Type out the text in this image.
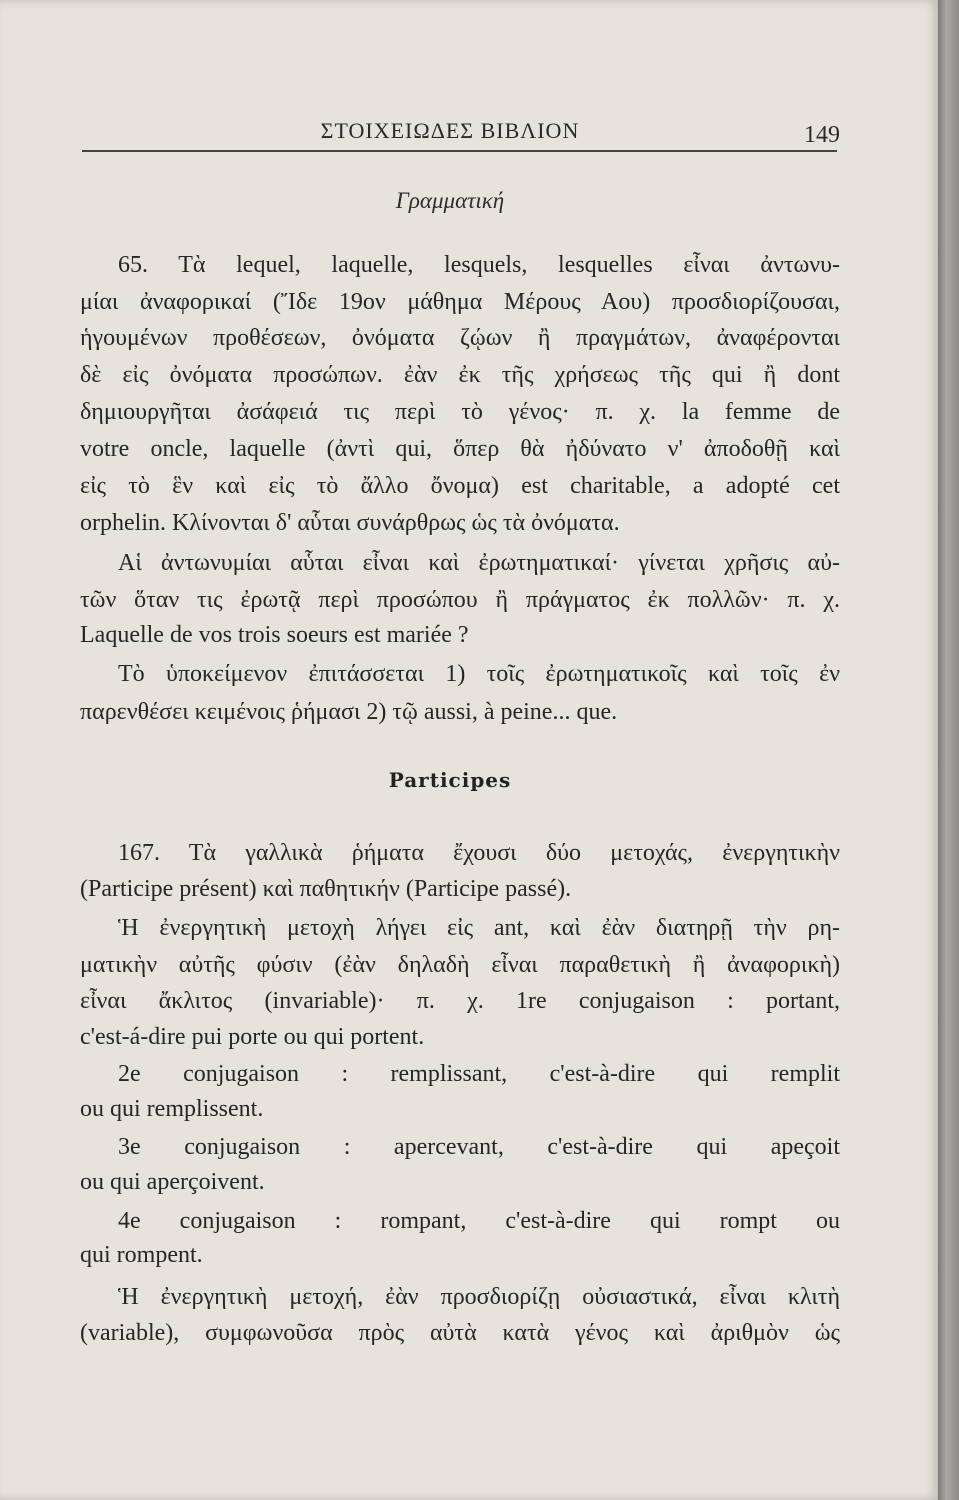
ΣΤΟΙΧΕΙΩΔΕΣ ΒΙΒΛΙΟΝ	149
Γραμματική
65. Τὰ lequel, laquelle, lesquels, lesquelles εἶναι ἀντωνυ-
μίαι ἀναφορικαί (Ἴδε 19ον μάθημα Μέρους Αου) προσδιορίζουσαι,
ἡγουμένων προθέσεων, ὀνόματα ζῴων ἢ πραγμάτων, ἀναφέρονται
δὲ εἰς ὀνόματα προσώπων. ἐὰν ἐκ τῆς χρήσεως τῆς qui ἢ dont
δημιουργῆται ἀσάφειά τις περὶ τὸ γένος· π. χ. la femme de
votre oncle, laquelle (ἀντὶ qui, ὅπερ θὰ ἠδύνατο ν' ἀποδοθῇ καὶ
εἰς τὸ ἓν καὶ εἰς τὸ ἄλλο ὄνομα) est charitable, a adopté cet
orphelin. Κλίνονται δ' αὗται συνάρθρως ὡς τὰ ὀνόματα.
Αἱ ἀντωνυμίαι αὗται εἶναι καὶ ἐρωτηματικαί· γίνεται χρῆσις αὐ-
τῶν ὅταν τις ἐρωτᾷ περὶ προσώπου ἢ πράγματος ἐκ πολλῶν· π. χ.
Laquelle de vos trois soeurs est mariée ?
Τὸ ὑποκείμενον ἐπιτάσσεται 1) τοῖς ἐρωτηματικοῖς καὶ τοῖς ἐν
παρενθέσει κειμένοις ῥήμασι 2) τῷ aussi, à peine... que.
Participes
167. Τὰ γαλλικὰ ῥήματα ἔχουσι δύο μετοχάς, ἐνεργητικὴν
(Participe présent) καὶ παθητικήν (Participe passé).
Ἡ ἐνεργητικὴ μετοχὴ λήγει εἰς ant, καὶ ἐὰν διατηρῇ τὴν ρη-
ματικὴν αὐτῆς φύσιν (ἐὰν δηλαδὴ εἶναι παραθετικὴ ἢ ἀναφορικὴ)
εἶναι ἄκλιτος (invariable)· π. χ. 1re conjugaison : portant,
c'est-á-dire pui porte ou qui portent.
2e conjugaison : remplissant, c'est-à-dire qui remplit
ou qui remplissent.
3e conjugaison : apercevant, c'est-à-dire qui apeçoit
ou qui aperçoivent.
4e conjugaison : rompant, c'est-à-dire qui rompt ou
qui rompent.
Ἡ ἐνεργητικὴ μετοχή, ἐὰν προσδιορίζῃ οὐσιαστικά, εἶναι κλιτὴ
(variable), συμφωνοῦσα πρὸς αὐτὰ κατὰ γένος καὶ ἀριθμὸν ὡς
